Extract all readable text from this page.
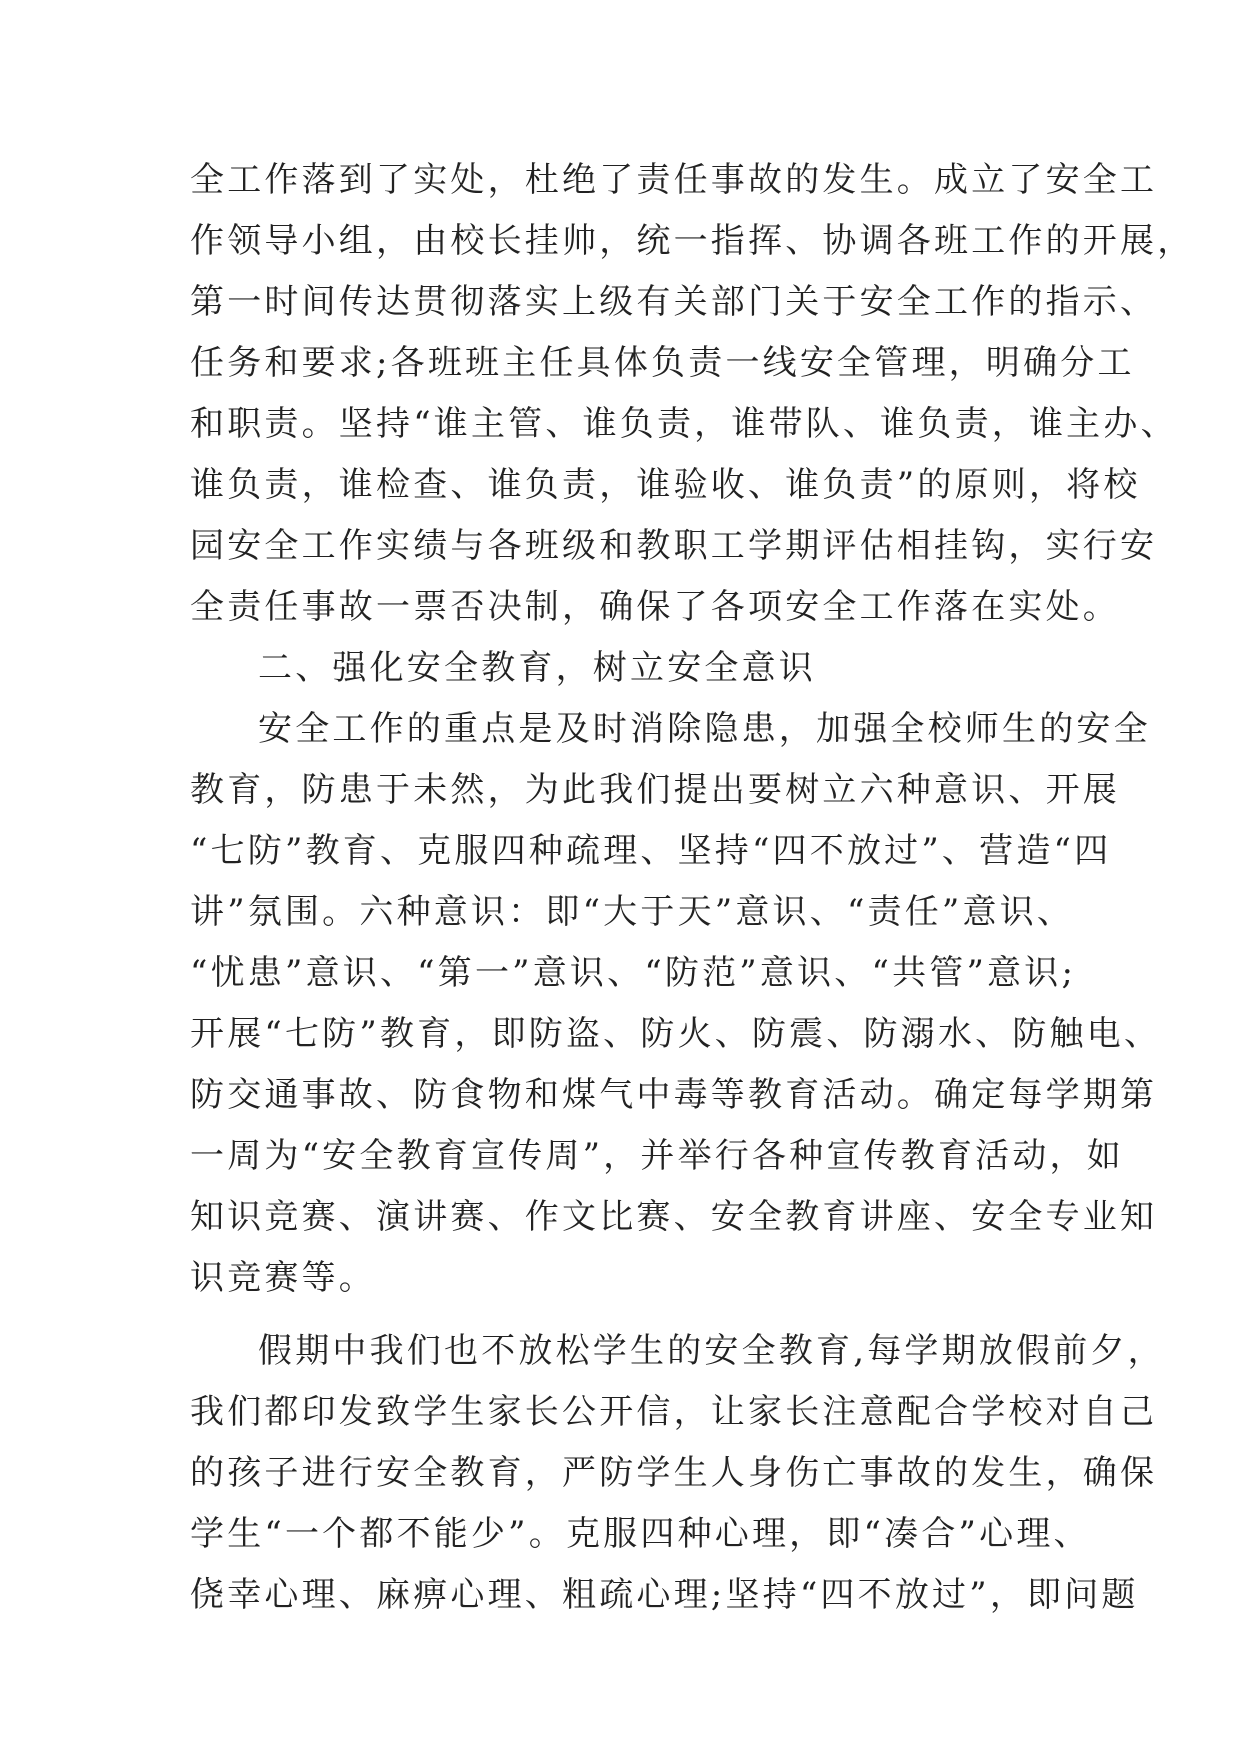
全工作落到了实处，杜绝了责任事故的发生。成立了安全工
作领导小组，由校长挂帅，统一指挥、协调各班工作的开展，
第一时间传达贯彻落实上级有关部门关于安全工作的指示、
任务和要求;各班班主任具体负责一线安全管理，明确分工
和职责。坚持“谁主管、谁负责，谁带队、谁负责，谁主办、
谁负责，谁检查、谁负责，谁验收、谁负责”的原则，将校
园安全工作实绩与各班级和教职工学期评估相挂钩，实行安
全责任事故一票否决制，确保了各项安全工作落在实处。
二、强化安全教育，树立安全意识
安全工作的重点是及时消除隐患，加强全校师生的安全
教育，防患于未然，为此我们提出要树立六种意识、开展
“七防”教育、克服四种疏理、坚持“四不放过”、营造“四
讲”氛围。六种意识：即“大于天”意识、“责任”意识、
“忧患”意识、“第一”意识、“防范”意识、“共管”意识;
开展“七防”教育，即防盗、防火、防震、防溺水、防触电、
防交通事故、防食物和煤气中毒等教育活动。确定每学期第
一周为“安全教育宣传周”，并举行各种宣传教育活动，如
知识竞赛、演讲赛、作文比赛、安全教育讲座、安全专业知
识竞赛等。
假期中我们也不放松学生的安全教育,每学期放假前夕，
我们都印发致学生家长公开信，让家长注意配合学校对自己
的孩子进行安全教育，严防学生人身伤亡事故的发生，确保
学生“一个都不能少”。克服四种心理，即“凑合”心理、
侥幸心理、麻痹心理、粗疏心理;坚持“四不放过”，即问题
